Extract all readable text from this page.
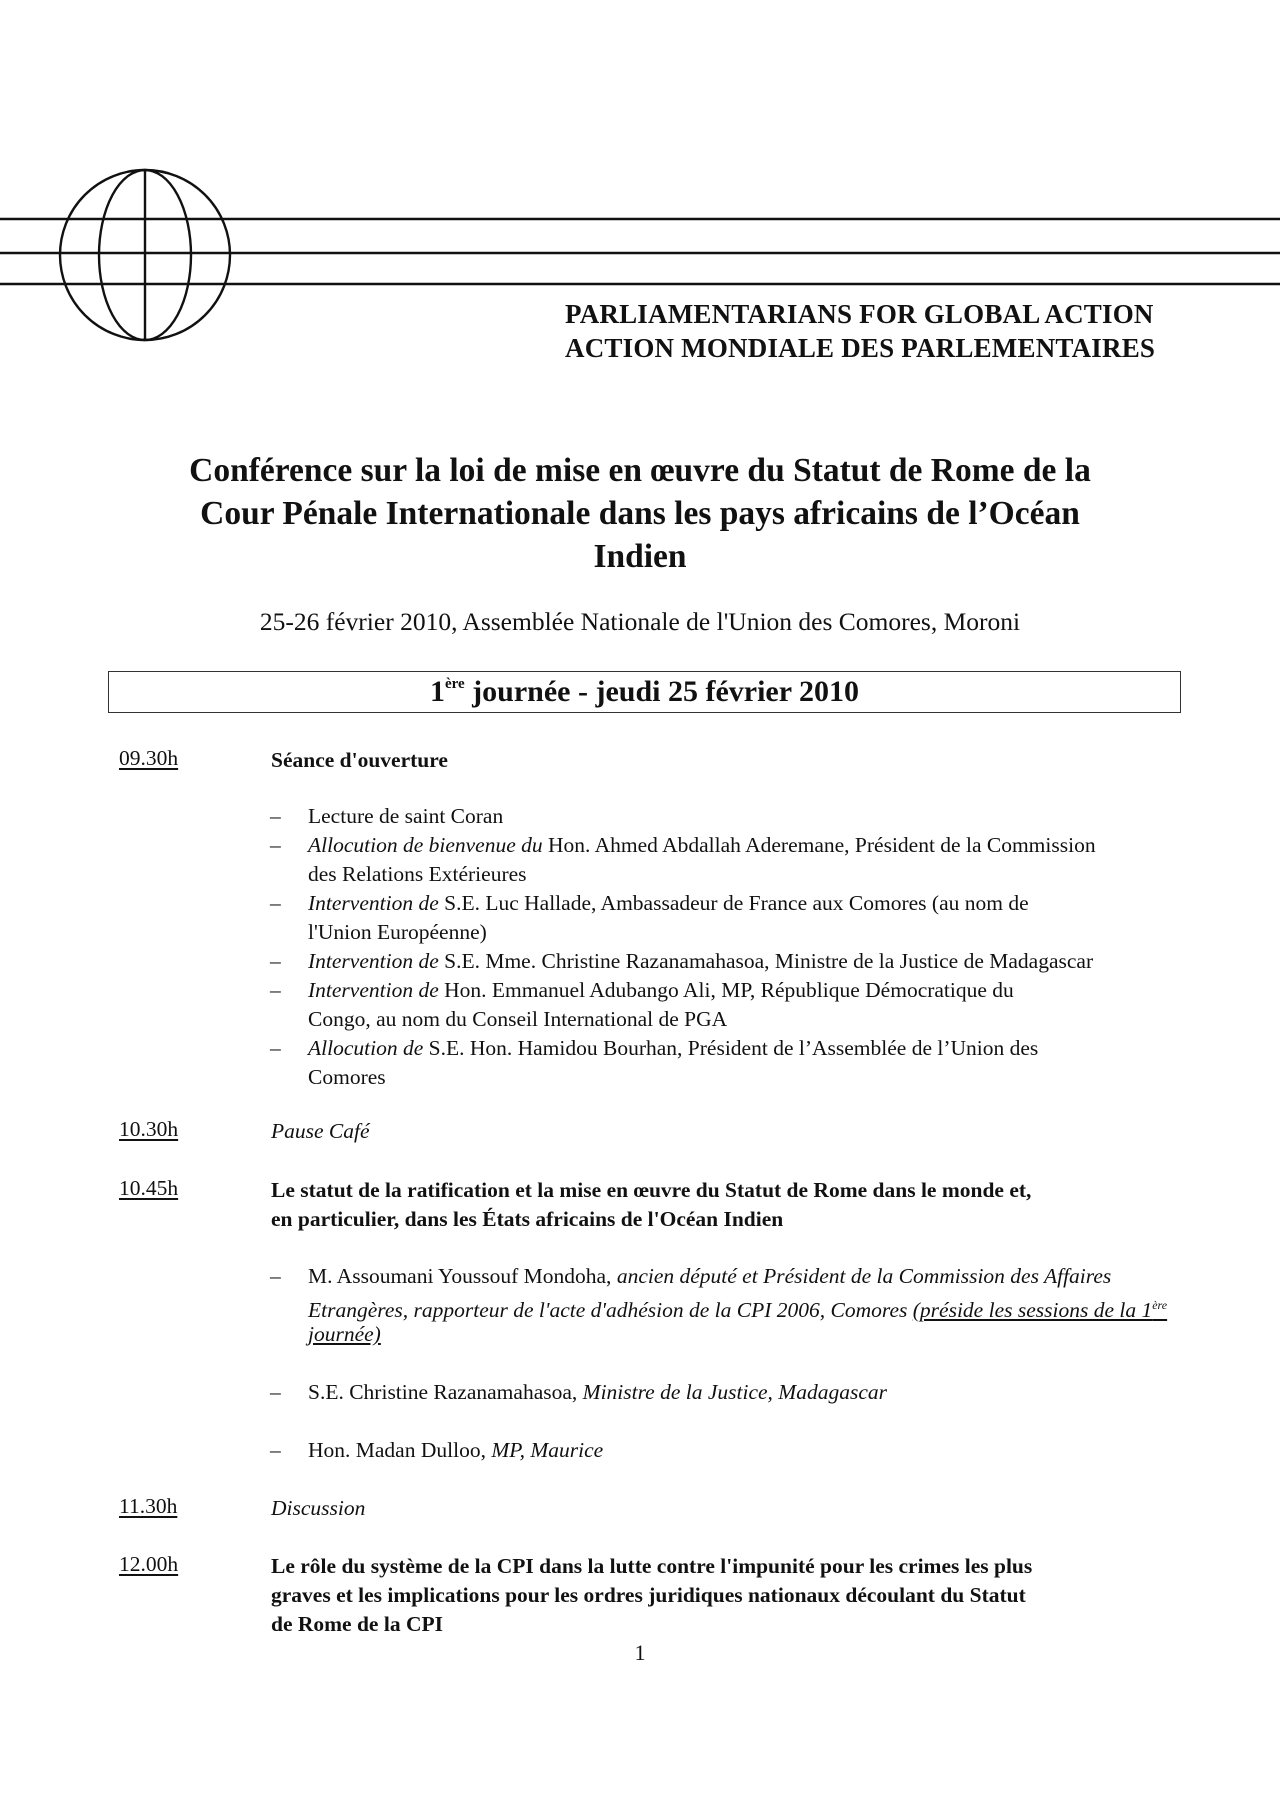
PARLIAMENTARIANS FOR GLOBAL ACTION
ACTION MONDIALE DES PARLEMENTAIRES
Conférence sur la loi de mise en œuvre du Statut de Rome de la
Cour Pénale Internationale dans les pays africains de l’Océan
Indien
25-26 février 2010, Assemblée Nationale de l'Union des Comores, Moroni
1ère journée - jeudi 25 février 2010
09.30h	Séance d'ouverture
– Lecture de saint Coran
– Allocution de bienvenue du Hon. Ahmed Abdallah Aderemane, Président de la Commission
des Relations Extérieures
– Intervention de S.E. Luc Hallade, Ambassadeur de France aux Comores (au nom de
l'Union Européenne)
– Intervention de S.E. Mme. Christine Razanamahasoa, Ministre de la Justice de Madagascar
– Intervention de Hon. Emmanuel Adubango Ali, MP, République Démocratique du
Congo, au nom du Conseil International de PGA
– Allocution de S.E. Hon. Hamidou Bourhan, Président de l’Assemblée de l’Union des
Comores
10.30h	Pause Café
10.45h	Le statut de la ratification et la mise en œuvre du Statut de Rome dans le monde et,
en particulier, dans les États africains de l'Océan Indien
– M. Assoumani Youssouf Mondoha, ancien député et Président de la Commission des Affaires
Etrangères, rapporteur de l'acte d'adhésion de la CPI 2006, Comores (préside les sessions de la 1ère
journée)
– S.E. Christine Razanamahasoa, Ministre de la Justice, Madagascar
– Hon. Madan Dulloo, MP, Maurice
11.30h	Discussion
12.00h	Le rôle du système de la CPI dans la lutte contre l'impunité pour les crimes les plus
graves et les implications pour les ordres juridiques nationaux découlant du Statut
de Rome de la CPI
1
